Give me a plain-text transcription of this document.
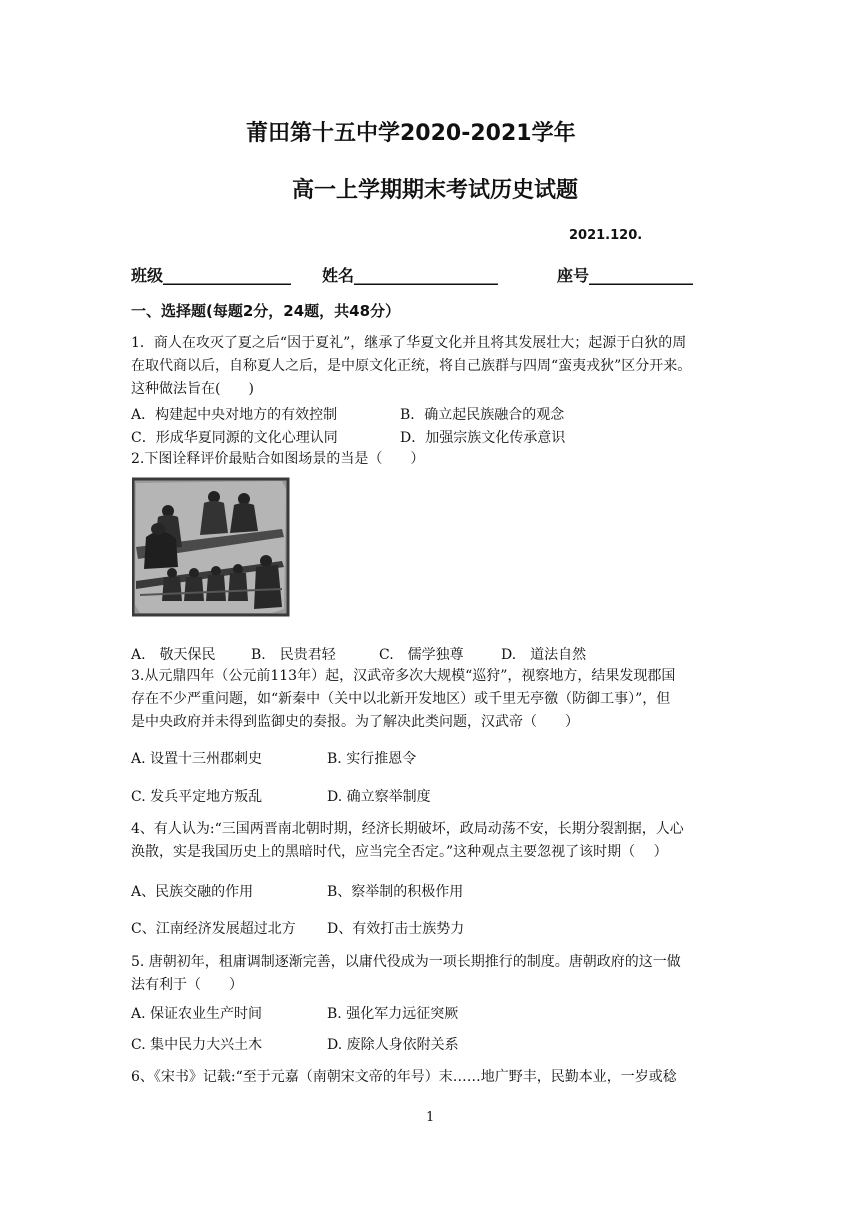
莆田第十五中学2020-2021学年
高一上学期期末考试历史试题
2021.120.
班级________________ 姓名__________________	座号_____________
一、选择题(每题2分，24题，共48分）
1．商人在攻灭了夏之后“因于夏礼”，继承了华夏文化并且将其发展壮大；起源于白狄的周
在取代商以后，自称夏人之后，是中原文化正统，将自己族群与四周“蛮夷戎狄”区分开来。
这种做法旨在(　　)
A．构建起中央对地方的有效控制	B．确立起民族融合的观念
C．形成华夏同源的文化心理认同	D．加强宗族文化传承意识
2.下图诠释评价最贴合如图场景的当是（　　）
A.　敬天保民	B.　民贵君轻	C.　儒学独尊	D.　道法自然
3.从元鼎四年（公元前113年）起，汉武帝多次大规模“巡狩”，视察地方，结果发现郡国
存在不少严重问题，如“新秦中（关中以北新开发地区）或千里无亭徼（防御工事）”，但
是中央政府并未得到监御史的奏报。为了解决此类问题，汉武帝（　　）
A. 设置十三州郡刺史	B. 实行推恩令
C. 发兵平定地方叛乱	D. 确立察举制度
4、有人认为:“三国两晋南北朝时期，经济长期破坏，政局动荡不安，长期分裂割据，人心
涣散，实是我国历史上的黑暗时代，应当完全否定。”这种观点主要忽视了该时期（　 ）
A、民族交融的作用	B、察举制的积极作用
C、江南经济发展超过北方 D、有效打击士族势力
5. 唐朝初年，租庸调制逐渐完善，以庸代役成为一项长期推行的制度。唐朝政府的这一做
法有利于（　　）
A. 保证农业生产时间	B. 强化军力远征突厥
C. 集中民力大兴土木	D. 废除人身依附关系
6、《宋书》记载:“至于元嘉（南朝宋文帝的年号）末……地广野丰，民勤本业，一岁或稔
1
